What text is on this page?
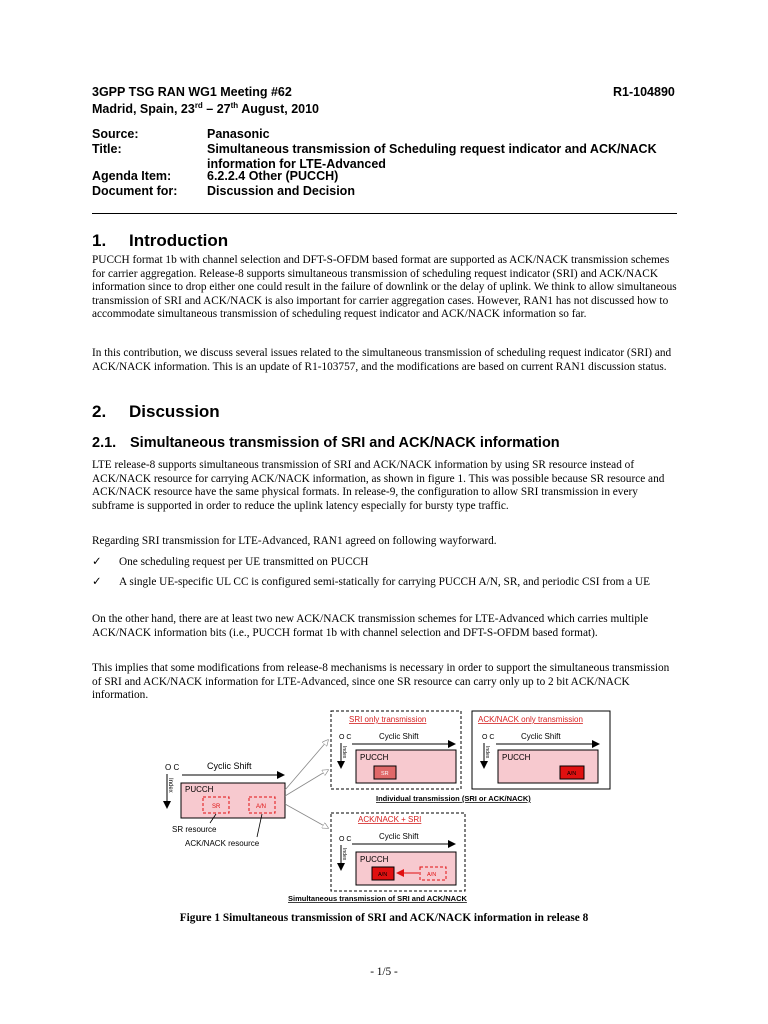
3GPP TSG RAN WG1 Meeting #62	R1-104890
Madrid, Spain, 23rd – 27th August, 2010
Source:	Panasonic
Title:	Simultaneous transmission of Scheduling request indicator and ACK/NACK information for LTE-Advanced
Agenda Item:	6.2.2.4 Other (PUCCH)
Document for: Discussion and Decision
1. Introduction
PUCCH format 1b with channel selection and DFT-S-OFDM based format are supported as ACK/NACK transmission schemes for carrier aggregation. Release-8 supports simultaneous transmission of scheduling request indicator (SRI) and ACK/NACK information since to drop either one could result in the failure of downlink or the delay of uplink. We think to allow simultaneous transmission of SRI and ACK/NACK is also important for carrier aggregation cases. However, RAN1 has not discussed how to accommodate simultaneous transmission of scheduling request indicator and ACK/NACK information so far.
In this contribution, we discuss several issues related to the simultaneous transmission of scheduling request indicator (SRI) and ACK/NACK information. This is an update of R1-103757, and the modifications are based on current RAN1 discussion status.
2. Discussion
2.1. Simultaneous transmission of SRI and ACK/NACK information
LTE release-8 supports simultaneous transmission of SRI and ACK/NACK information by using SR resource instead of ACK/NACK resource for carrying ACK/NACK information, as shown in figure 1. This was possible because SR resource and ACK/NACK resource have the same physical formats. In release-9, the configuration to allow SRI transmission in every subframe is supported in order to reduce the uplink latency especially for bursty type traffic.
Regarding SRI transmission for LTE-Advanced, RAN1 agreed on following wayforward.
✓ One scheduling request per UE transmitted on PUCCH
✓ A single UE-specific UL CC is configured semi-statically for carrying PUCCH A/N, SR, and periodic CSI from a UE
On the other hand, there are at least two new ACK/NACK transmission schemes for LTE-Advanced which carries multiple ACK/NACK information bits (i.e., PUCCH format 1b with channel selection and DFT-S-OFDM based format).
This implies that some modifications from release-8 mechanisms is necessary in order to support the simultaneous transmission of SRI and ACK/NACK information for LTE-Advanced, since one SR resource can carry only up to 2 bit ACK/NACK information.
O C
Index
Cyclic Shift
PUCCH
SR	A/N
SR resource
ACK/NACK resource
SRI only transmission
Cyclic Shift
O C
Index PUCCH
SR
ACK/NACK only transmission
Cyclic Shift
O C
Index PUCCH
A/N
Individual transmission (SRI or ACK/NACK)
ACK/NACK + SRI
Cyclic Shift
O C
Index PUCCH
A/N	A/N
Simultaneous transmission of SRI and ACK/NACK
Figure 1 Simultaneous transmission of SRI and ACK/NACK information in release 8
- 1/5 -
